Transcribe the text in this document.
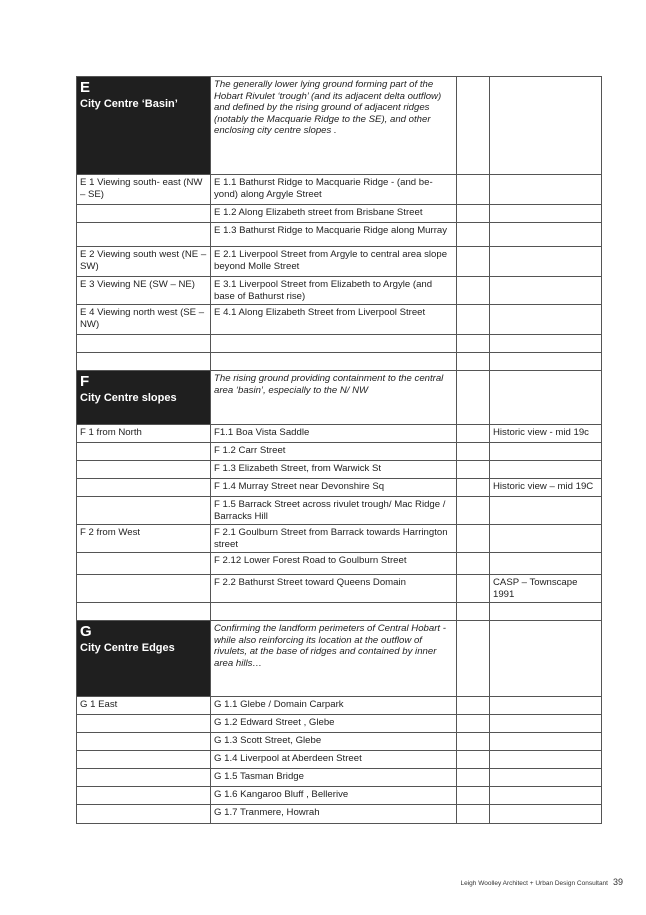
E
City Centre ‘Basin’	The generally lower lying ground forming part of the Hobart Rivulet ‘trough’ (and its adjacent delta outflow) and defined by the rising ground of adjacent ridges (notably the Macquarie Ridge to the SE), and other enclosing city centre slopes .		
E 1 Viewing south- east (NW – SE)	E 1.1 Bathurst Ridge to Macquarie Ridge - (and be- yond) along Argyle Street		
	E 1.2 Along Elizabeth street from Brisbane Street		
	E 1.3 Bathurst Ridge to Macquarie Ridge along Murray		
E 2 Viewing south west (NE – SW)	E 2.1 Liverpool Street from Argyle to central area slope beyond Molle Street		
E 3 Viewing NE (SW – NE)	E 3.1 Liverpool Street from Elizabeth to Argyle (and base of Bathurst rise)		
E 4 Viewing north west (SE – NW)	E 4.1 Along Elizabeth Street from Liverpool Street		

F
City Centre slopes	The rising ground providing containment to the central area ‘basin’, especially to the N/ NW		
F 1 from North	F1.1 Boa Vista Saddle		Historic view - mid 19c
	F 1.2 Carr Street		
	F 1.3 Elizabeth Street, from Warwick St		
	F 1.4 Murray Street near Devonshire Sq		Historic view – mid 19C
	F 1.5 Barrack Street across rivulet trough/ Mac Ridge / Barracks Hill		
F 2 from West	F 2.1 Goulburn Street from Barrack towards Harrington street		
	F 2.12 Lower Forest Road to Goulburn Street		
	F 2.2 Bathurst Street toward Queens Domain		CASP – Townscape 1991

G
City Centre Edges	Confirming the landform perimeters of Central Hobart - while also reinforcing its location at the outflow of rivulets, at the base of ridges and contained by inner area hills…		
G 1 East	G 1.1 Glebe / Domain Carpark		
	G 1.2 Edward Street , Glebe		
	G 1.3 Scott Street, Glebe		
	G 1.4 Liverpool at Aberdeen Street		
	G 1.5 Tasman Bridge		
	G 1.6 Kangaroo Bluff , Bellerive		
	G 1.7 Tranmere, Howrah		
Leigh Woolley Architect + Urban Design Consultant 39
